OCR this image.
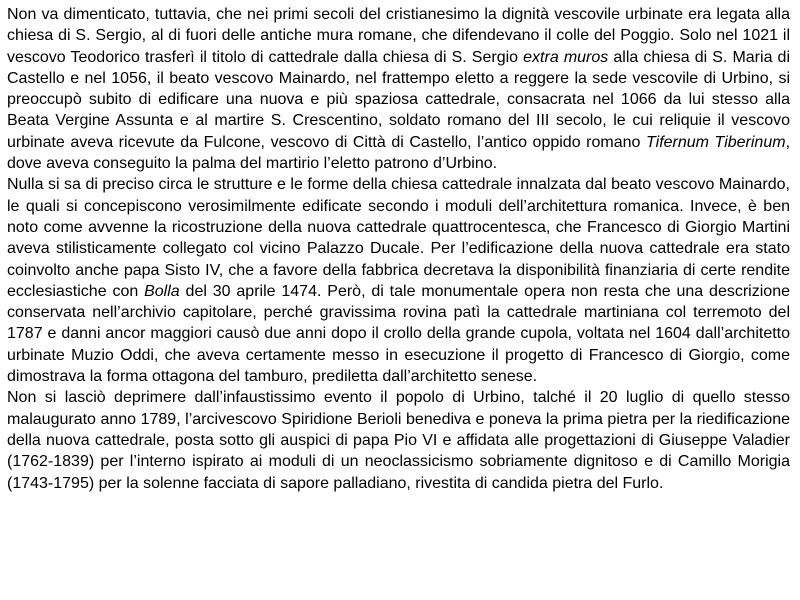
Non va dimenticato, tuttavia, che nei primi secoli del cristianesimo la dignità vescovile urbinate era legata alla chiesa di S. Sergio, al di fuori delle antiche mura romane, che difendevano il colle del Poggio. Solo nel 1021 il vescovo Teodorico trasferì il titolo di cattedrale dalla chiesa di S. Sergio extra muros alla chiesa di S. Maria di Castello e nel 1056, il beato vescovo Mainardo, nel frattempo eletto a reggere la sede vescovile di Urbino, si preoccupò subito di edificare una nuova e più spaziosa cattedrale, consacrata nel 1066 da lui stesso alla Beata Vergine Assunta e al martire S. Crescentino, soldato romano del III secolo, le cui reliquie il vescovo urbinate aveva ricevute da Fulcone, vescovo di Città di Castello, l’antico oppido romano Tifernum Tiberinum, dove aveva conseguito la palma del martirio l’eletto patrono d’Urbino.

Nulla si sa di preciso circa le strutture e le forme della chiesa cattedrale innalzata dal beato vescovo Mainardo, le quali si concepiscono verosimilmente edificate secondo i moduli dell’architettura romanica. Invece, è ben noto come avvenne la ricostruzione della nuova cattedrale quattrocentesca, che Francesco di Giorgio Martini aveva stilisticamente collegato col vicino Palazzo Ducale. Per l’edificazione della nuova cattedrale era stato coinvolto anche papa Sisto IV, che a favore della fabbrica decretava la disponibilità finanziaria di certe rendite ecclesiastiche con Bolla del 30 aprile 1474. Però, di tale monumentale opera non resta che una descrizione conservata nell’archivio capitolare, perché gravissima rovina patì la cattedrale martiniana col terremoto del 1787 e danni ancor maggiori causò due anni dopo il crollo della grande cupola, voltata nel 1604 dall’architetto urbinate Muzio Oddi, che aveva certamente messo in esecuzione il progetto di Francesco di Giorgio, come dimostrava la forma ottagona del tamburo, prediletta dall’architetto senese.

Non si lasciò deprimere dall’infaustissimo evento il popolo di Urbino, talché il 20 luglio di quello stesso malaugurato anno 1789, l’arcivescovo Spiridione Berioli benediva e poneva la prima pietra per la riedificazione della nuova cattedrale, posta sotto gli auspici di papa Pio VI e affidata alle progettazioni di Giuseppe Valadier (1762-1839) per l’interno ispirato ai moduli di un neoclassicismo sobriamente dignitoso e di Camillo Morigia (1743-1795) per la solenne facciata di sapore palladiano, rivestita di candida pietra del Furlo.
